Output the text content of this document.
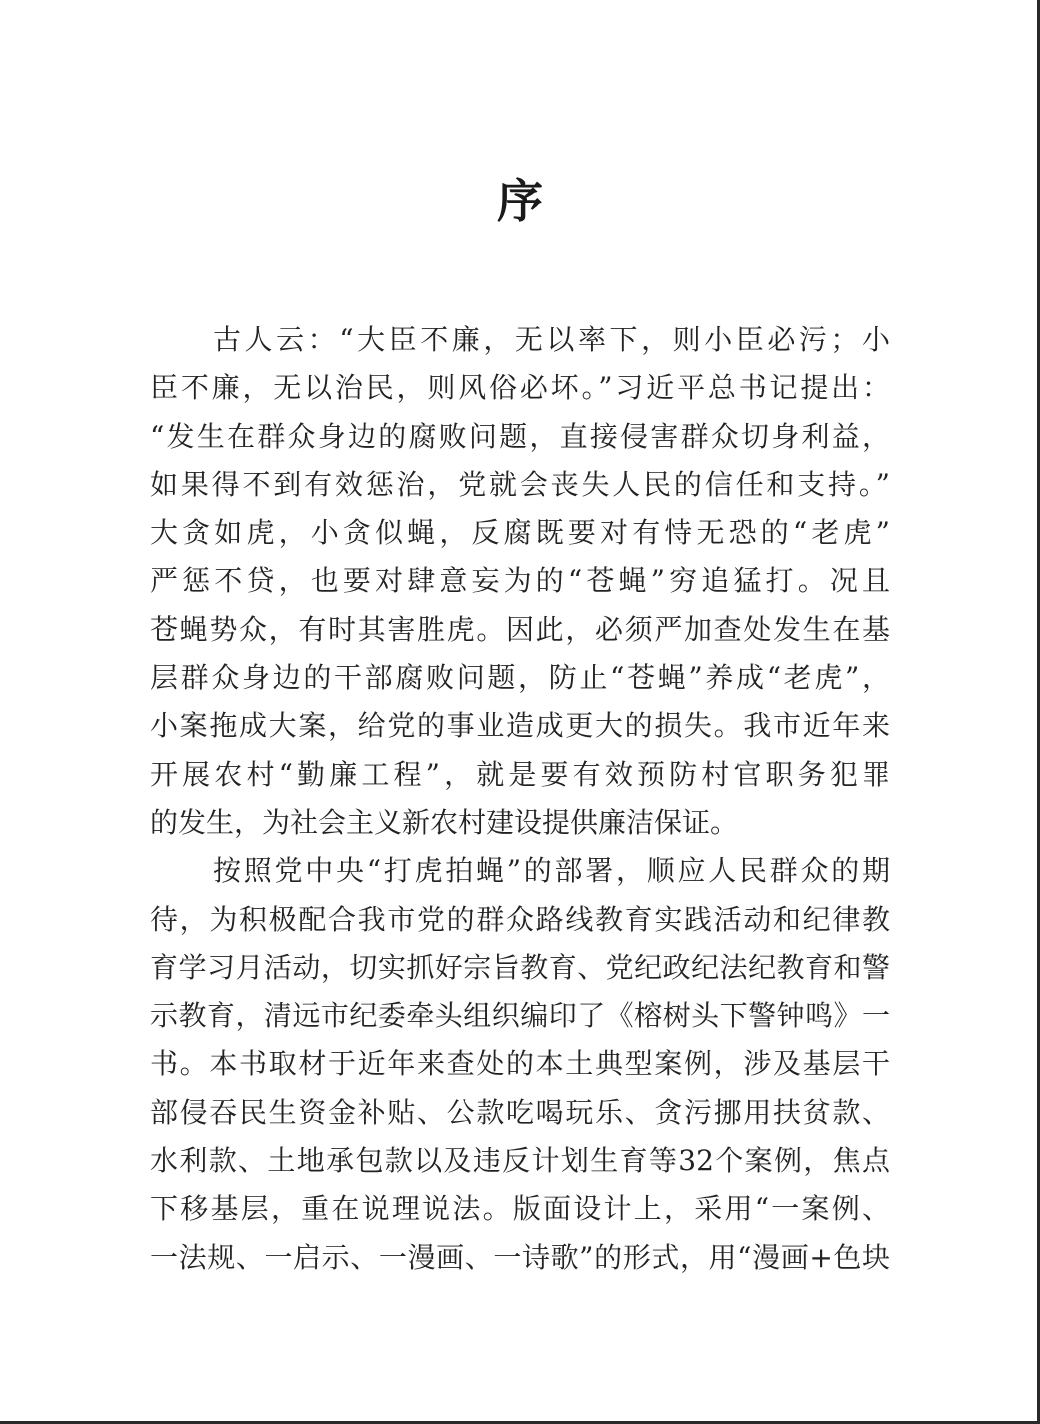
序
古人云：“大臣不廉，无以率下，则小臣必污；小
臣不廉，无以治民，则风俗必坏。”习近平总书记提出：
“发生在群众身边的腐败问题，直接侵害群众切身利益，
如果得不到有效惩治，党就会丧失人民的信任和支持。”
大贪如虎，小贪似蝇，反腐既要对有恃无恐的“老虎”
严惩不贷，也要对肆意妄为的“苍蝇”穷追猛打。况且
苍蝇势众，有时其害胜虎。因此，必须严加查处发生在基
层群众身边的干部腐败问题，防止“苍蝇”养成“老虎”，
小案拖成大案，给党的事业造成更大的损失。我市近年来
开展农村“勤廉工程”，就是要有效预防村官职务犯罪
的发生，为社会主义新农村建设提供廉洁保证。
按照党中央“打虎拍蝇”的部署，顺应人民群众的期
待，为积极配合我市党的群众路线教育实践活动和纪律教
育学习月活动，切实抓好宗旨教育、党纪政纪法纪教育和警
示教育，清远市纪委牵头组织编印了《榕树头下警钟鸣》一
书。本书取材于近年来查处的本土典型案例，涉及基层干
部侵吞民生资金补贴、公款吃喝玩乐、贪污挪用扶贫款、
水利款、土地承包款以及违反计划生育等32个案例，焦点
下移基层，重在说理说法。版面设计上，采用“一案例、
一法规、一启示、一漫画、一诗歌”的形式，用“漫画+色块
